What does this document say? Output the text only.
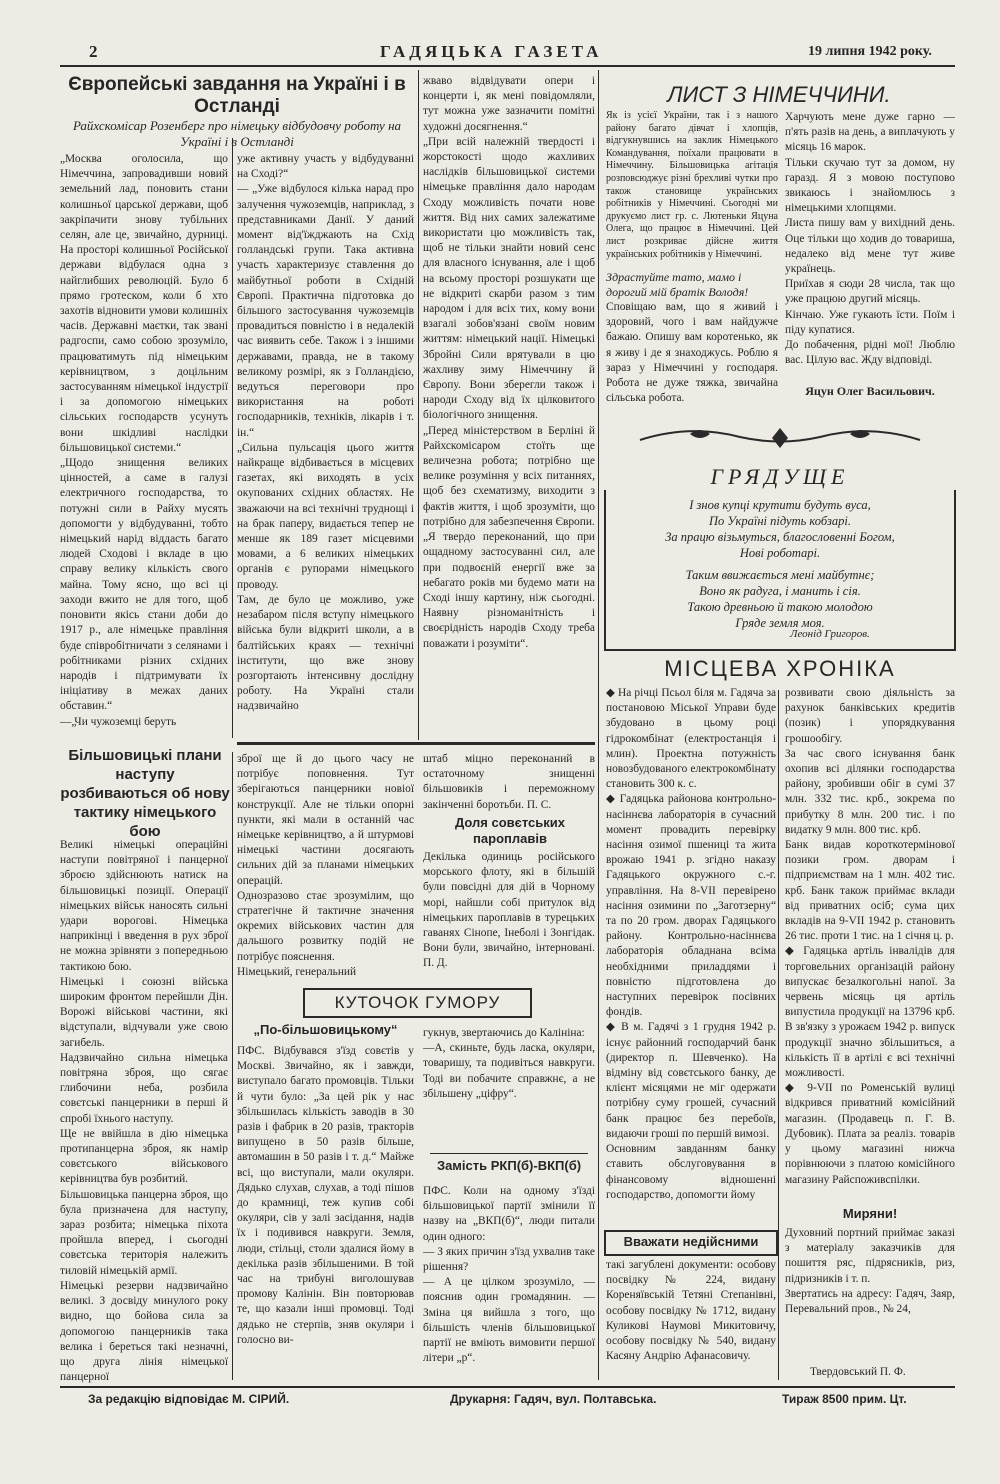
2	ГАДЯЦЬКА ГАЗЕТА	19 липня 1942 року.
Європейські завдання на Україні і в Остланді
Райхскомісар Розенберг про німецьку відбудовчу роботу на Україні і в Остланді
„Москва оголосила, що Німеччина, запровадивши новий земельний лад, поновить стани колишньої царської держави, щоб закріпачити знову тубільних селян, але це, звичайно, дурниці. На просторі колишньої Російської держави відбулася одна з найглибших революцій. Було б прямо гротеском, коли б хто захотів відновити умови колишніх часів. Державні маєтки, так звані радгоспи, само собою зрозуміло, працюватимуть під німецьким керівництвом, з доцільним застосуванням німецької індустрії і за допомогою німецьких сільських господарств усунуть вони шкідливі наслідки більшовицької системи.“
„Щодо знищення великих цінностей, а саме в галузі електричного господарства, то потужні сили в Райху мусять допомогти у відбудуванні, тобто німецький нарід віддасть багато людей Сходові і вкладе в цю справу велику кількість свого майна. Тому ясно, що всі ці заходи вжито не для того, щоб поновити якісь стани доби до 1917 р., але німецьке правління буде співробітничати з селянами і робітниками різних східних народів і підтримувати їх ініціативу в межах даних обставин.“
—„Чи чужоземці беруть
уже активну участь у відбудуванні на Сході?“
— „Уже відбулося кілька нарад про залучення чужоземців, наприклад, з представниками Данії. У даний момент від'їжджають на Схід голландські групи. Така активна участь характеризує ставлення до майбутньої роботи в Східній Європі. Практична підготовка до більшого застосування чужоземців провадиться повністю і в недалекій час виявить себе. Також і з іншими державами, правда, не в такому великому розмірі, як з Голландією, ведуться переговори про використання на роботі господарників, техніків, лікарів і т. ін.“
„Сильна пульсація цього життя найкраще відбивається в місцевих газетах, які виходять в усіх окупованих східних областях. Не зважаючи на всі технічні труднощі і на брак паперу, видається тепер не менше як 189 газет місцевими мовами, а 6 великих німецьких органів є рупорами німецького проводу.
Там, де було це можливо, уже незабаром після вступу німецького війська були відкриті школи, а в балтійських краях — технічні інститути, що вже знову розгортають інтенсивну дослідну роботу. На Україні стали надзвичайно
жваво відвідувати опери і концерти і, як мені повідомляли, тут можна уже зазначити помітні художні досягнення.“
„При всій належній твердості і жорстокості щодо жахливих наслідків більшовицької системи німецьке правління дало народам Сходу можливість почати нове життя. Від них самих залежатиме використати цю можливість так, щоб не тільки знайти новий сенс для власного існування, але і щоб на всьому просторі розшукати ще не відкриті скарби разом з тим народом і для всіх тих, кому вони взагалі зобов'язані своїм новим життям: німецький нації. Німецькі Збройні Сили врятували в цю жахливу зиму Німеччину й Європу. Вони зберегли також і народи Сходу від їх цілковитого біологічного знищення.
„Перед міністерством в Берліні й Райхскомісаром стоїть ще величезна робота; потрібно ще велике розуміння у всіх питаннях, щоб без схематизму, виходити з фактів життя, і щоб зрозуміти, що потрібно для забезпечення Європи.
„Я твердо переконаний, що при ощадному застосуванні сил, але при подвоєній енергії вже за небагато років ми будемо мати на Сході іншу картину, ніж сьогодні. Наявну різноманітність і своєрідність народів Сходу треба поважати і розуміти“.
Більшовицькі плани наступу розбиваються об нову тактику німецького бою
Великі німецькі операційні наступи повітряної і панцерної зброєю здійснюють натиск на більшовицькі позиції. Операції німецьких військ наносять сильні удари ворогові. Німецька наприкінці і введення в рух зброї не можна зрівняти з попередньою тактикою бою.
Німецькі і союзні війська широким фронтом перейшли Дін. Ворожі військові частини, які відступали, відчували уже свою загибель.
Надзвичайно сильна німецька повітряна зброя, що сягає глибочини неба, розбила совєтські панцерники в перші й спробі їхнього наступу.
Ще не ввійшла в дію німецька протипанцерна зброя, як намір совєтського військового керівництва був розбитий.
Більшовицька панцерна зброя, що була призначена для наступу, зараз розбита; німецька піхота пройшла вперед, і сьогодні совєтська територія належить тиловій німецькій армії.
Німецькі резерви надзвичайно великі. З досвіду минулого року видно, що бойова сила за допомогою панцерників така велика і береться такі незначні, що друга лінія німецької панцерної
зброї ще й до цього часу не потрібує поповнення. Тут зберігаються панцерники новіої конструкції. Але не тільки опорні пункти, які мали в останній час німецьке керівництво, а й штурмові німецькі частини досягають сильних дій за планами німецьких операцій.
Однозразово стає зрозумілим, що стратегічне й тактичне значення окремих військових частин для дальшого розвитку подій не потрібує пояснення.
Німецький, генеральний
штаб міцно переконаний в остаточному знищенні більшовиків і переможному закінченні боротьби. П. С.
Доля совєтських пароплавів
Декілька одиниць російського морського флоту, які в більшій були повсідні для дій в Чорному морі, найшли собі притулок від німецьких пароплавів в турецьких гаванях Сінопе, Інеболі і Зонгідак. Вони були, звичайно, інтерновані. П. Д.
КУТОЧОК ГУМОРУ
„По-більшовицькому“
ПФС. Відбувався з'їзд совєтів у Москві. Звичайно, як і завжди, виступало багато промовців. Тільки й чути було: „За цей рік у нас збільшилась кількість заводів в 30 разів і фабрик в 20 разів, тракторів випущено в 50 разів більше, автомашин в 50 разів і т. д.“ Майже всі, що виступали, мали окуляри. Дядько слухав, слухав, а тоді пішов до крамниці, теж купив собі окуляри, сів у залі засідання, надів їх і подивився навкруги. Земля, люди, стільці, столи здалися йому в декілька разів збільшеними. В той час на трибуні виголошував промову Калінін. Він повторював те, що казали інші промовці. Тоді дядько не стерпів, зняв окуляри і голосно ви-
гукнув, звертаючись до Калініна:
—А, скиньте, будь ласка, окуляри, товаришу, та подивіться навкруги. Тоді ви побачите справжнє, а не збільшену „ціфру“.
Замість РКП(б)-ВКП(б)
ПФС. Коли на одному з'їзді більшовицької партії змінили її назву на „ВКП(б)“, люди питали один одного:
— З яких причин з'їзд ухвалив таке рішення?
— А це цілком зрозуміло, — пояснив один громадянин. — Зміна ця вийшла з того, що більшість членів більшовицької партії не вміють вимовити першої літери „р“.
ЛИСТ З НІМЕЧЧИНИ.
Як із усієї України, так і з нашого району багато дівчат і хлопців, відгукнувшись на заклик Німецького Командування, поїхали працювати в Німеччину. Більшовицька агітація розповсюджує різні брехливі чутки про також становище українських робітників у Німеччині. Сьогодні ми друкуємо лист гр. с. Лютеньки Яцуна Олега, що працює в Німеччині. Цей лист розкриває дійсне життя українських робітників у Німеччині.
Здрастуйте тато, мамо і дорогий мій братік Володя!
Сповіщаю вам, що я живий і здоровий, чого і вам найдужче бажаю. Опишу вам коротенько, як я живу і де я знаходжусь. Роблю я зараз у Німеччині у господаря. Робота не дуже тяжка, звичайна сільська робота.
Харчують мене дуже гарно — п'ять разів на день, а виплачують у місяць 16 марок.
Тільки скучаю тут за домом, ну гаразд. Я з мовою поступово звикаюсь і знайомлюсь з німецькими хлопцями.
Листа пишу вам у вихідний день. Оце тільки що ходив до товариша, недалеко від мене тут живе українець.
Приїхав я сюди 28 числа, так що уже працюю другий місяць.
Кінчаю. Уже гукають їсти. Поїм і піду купатися.
До побачення, рідні мої! Люблю вас. Цілую вас. Жду відповіді.
Яцун Олег Васильович.
ГРЯДУЩЕ
І знов купці крутити будуть вуса,
По Україні підуть кобзарі.
За працю візьмуться, благословенні Богом,
Нові роботарі.
Таким ввижається мені майбутнє;
Воно як радуга, і манить і сія.
Такою древньою й такою молодою
Гряде земля моя.
Леонід Григоров.
МІСЦЕВА ХРОНІКА
◆ На річці Псьол біля м. Гадяча за постановою Міської Управи буде збудовано в цьому році гідрокомбінат (електростанція і млин). Проектна потужність новозбудованого електрокомбінату становить 300 к. с.
◆ Гадяцька районова контрольно-насіннєва лабораторія в сучасний момент провадить перевірку насіння озимої пшениці та жита врожаю 1941 р. згідно наказу Гадяцького окружного с.-г. управління. На 8-VII перевірено насіння озимини по „Заготзерну“ та по 20 гром. дворах Гадяцького району. Контрольно-насіннєва лабораторія обладнана всіма необхідними приладдями і повністю підготовлена до наступних перевірок посівних фондів.
◆ В м. Гадячі з 1 грудня 1942 р. існує районний господарчий банк (директор п. Шевченко). На відміну від совєтського банку, де клієнт місяцями не міг одержати потрібну суму грошей, сучасний банк працює без перебоїв, видаючи гроші по першій вимозі.
Основним завданням банку ставить обслуговування в фінансовому відношенні господарство, допомогти йому
розвивати свою діяльність за рахунок банківських кредитів (позик) і упорядкування грошообігу.
За час свого існування банк охопив всі ділянки господарства району, зробивши обіг в сумі 37 млн. 332 тис. крб., зокрема по прибутку 8 млн. 200 тис. і по видатку 9 млн. 800 тис. крб.
Банк видав короткотермінової позики гром. дворам і підприємствам на 1 млн. 402 тис. крб. Банк також приймає вклади від приватних осіб; сума цих вкладів на 9-VII 1942 р. становить 26 тис. проти 1 тис. на 1 січня ц. р.
◆ Гадяцька артіль інвалідів для торговельних організацій району випускає безалкогольні напої. За червень місяць ця артіль випустила продукції на 13796 крб. В зв'язку з урожаєм 1942 р. випуск продукції значно збільшиться, а кількість її в артілі є всі технічні можливості.
◆ 9-VII по Роменській вулиці відкрився приватний комісійний магазин. (Продавець п. Г. В. Дубовик). Плата за реаліз. товарів у цьому магазині нижча порівнюючи з платою комісійного магазину Райспоживспілки.
Вважати недійсними
такі загублені документи: особову посвідку № 224, видану Кореняївській Тетяні Степанівні, особову посвідку № 1712, видану Куликові Наумові Микитовичу, особову посвідку № 540, видану Касяну Андрію Афанасовичу.
Миряни!
Духовний портний приймає заказі з матеріалу заказчиків для пошиття ряс, підрясників, риз, підризників і т. п.
Звертатись на адресу: Гадяч, Заяр, Перевальний пров., № 24,
За редакцію відповідає М. СІРИЙ.	Друкарня: Гадяч, вул. Полтавська.	Тираж 8500 прим. Цт.
Твердовський П. Ф.
